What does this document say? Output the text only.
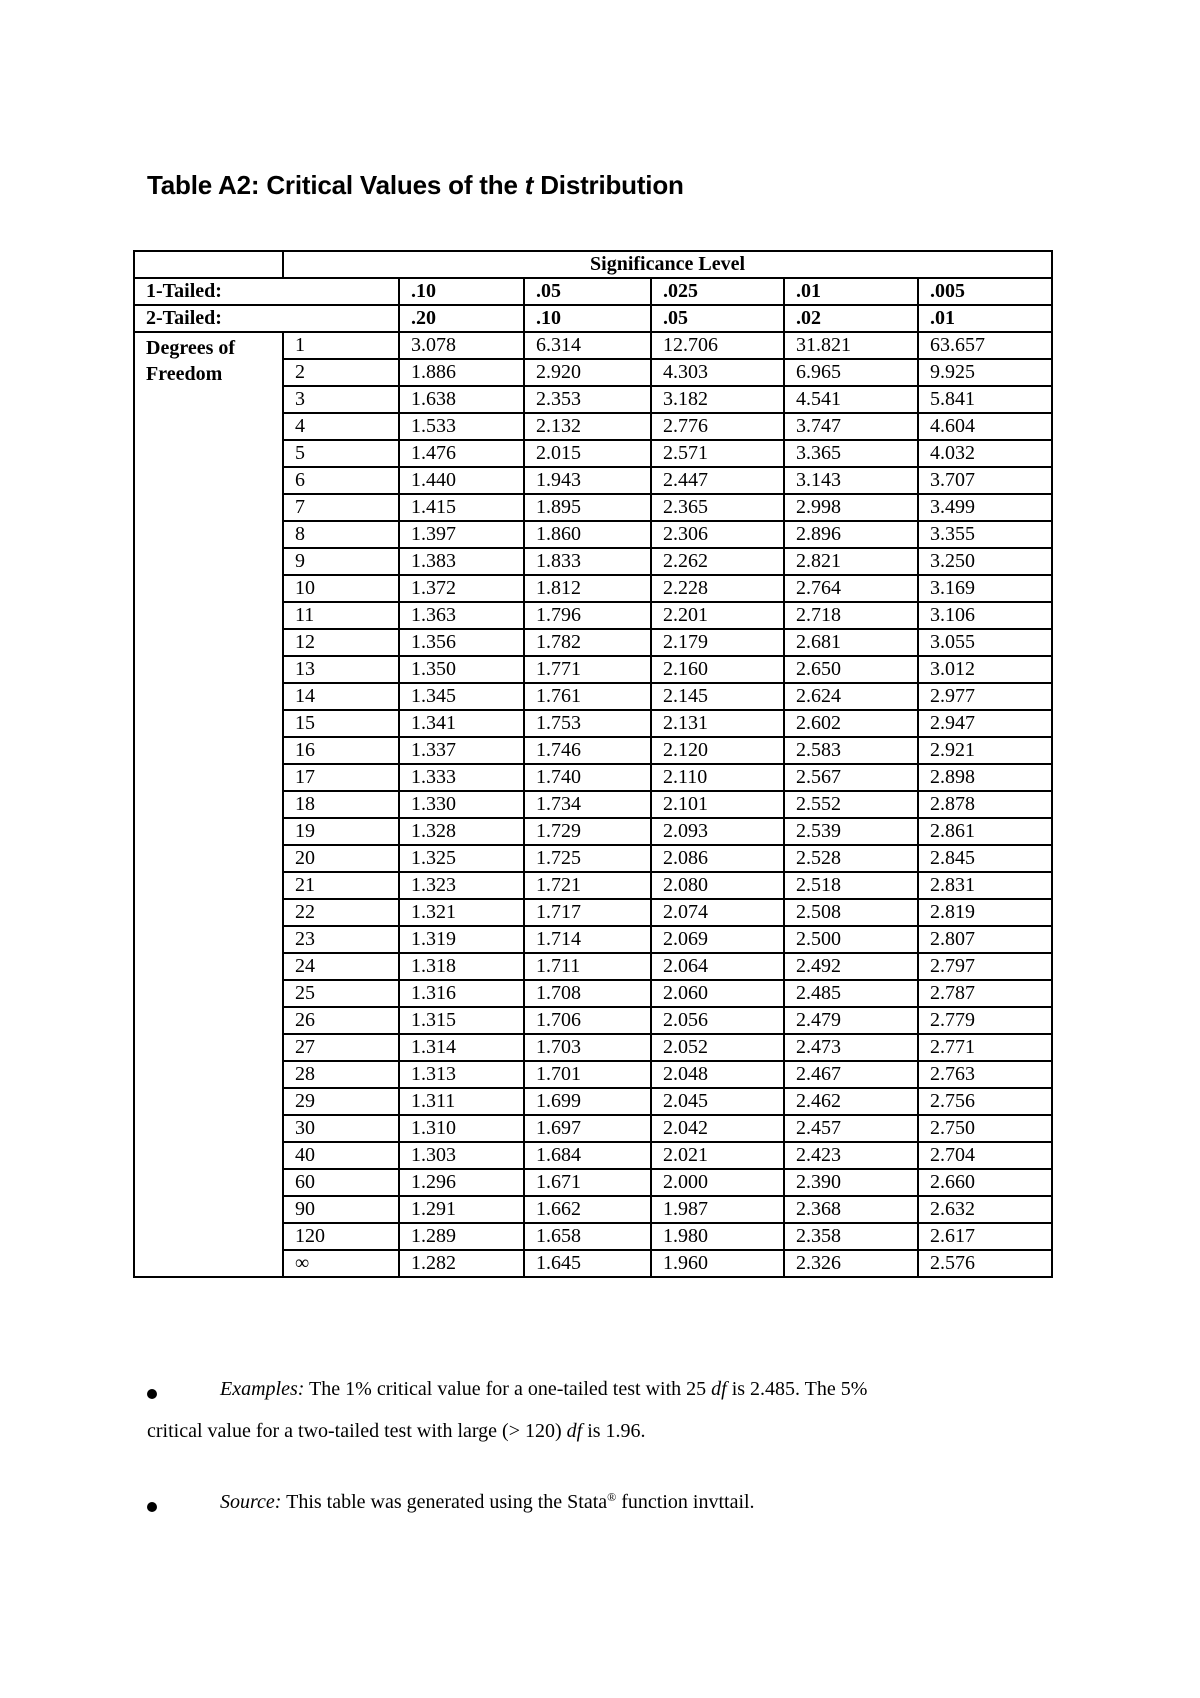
Table A2: Critical Values of the t Distribution
	Significance Level					
1-Tailed:		.10	.05	.025	.01	.005
2-Tailed:		.20	.10	.05	.02	.01
Degrees of Freedom	1	3.078	6.314	12.706	31.821	63.657
	2	1.886	2.920	4.303	6.965	9.925
	3	1.638	2.353	3.182	4.541	5.841
	4	1.533	2.132	2.776	3.747	4.604
	5	1.476	2.015	2.571	3.365	4.032
	6	1.440	1.943	2.447	3.143	3.707
	7	1.415	1.895	2.365	2.998	3.499
	8	1.397	1.860	2.306	2.896	3.355
	9	1.383	1.833	2.262	2.821	3.250
	10	1.372	1.812	2.228	2.764	3.169
	11	1.363	1.796	2.201	2.718	3.106
	12	1.356	1.782	2.179	2.681	3.055
	13	1.350	1.771	2.160	2.650	3.012
	14	1.345	1.761	2.145	2.624	2.977
	15	1.341	1.753	2.131	2.602	2.947
	16	1.337	1.746	2.120	2.583	2.921
	17	1.333	1.740	2.110	2.567	2.898
	18	1.330	1.734	2.101	2.552	2.878
	19	1.328	1.729	2.093	2.539	2.861
	20	1.325	1.725	2.086	2.528	2.845
	21	1.323	1.721	2.080	2.518	2.831
	22	1.321	1.717	2.074	2.508	2.819
	23	1.319	1.714	2.069	2.500	2.807
	24	1.318	1.711	2.064	2.492	2.797
	25	1.316	1.708	2.060	2.485	2.787
	26	1.315	1.706	2.056	2.479	2.779
	27	1.314	1.703	2.052	2.473	2.771
	28	1.313	1.701	2.048	2.467	2.763
	29	1.311	1.699	2.045	2.462	2.756
	30	1.310	1.697	2.042	2.457	2.750
	40	1.303	1.684	2.021	2.423	2.704
	60	1.296	1.671	2.000	2.390	2.660
	90	1.291	1.662	1.987	2.368	2.632
	120	1.289	1.658	1.980	2.358	2.617
	∞	1.282	1.645	1.960	2.326	2.576
Examples: The 1% critical value for a one-tailed test with 25 df is 2.485. The 5%
critical value for a two-tailed test with large (> 120) df is 1.96.
Source: This table was generated using the Stata® function invttail.
